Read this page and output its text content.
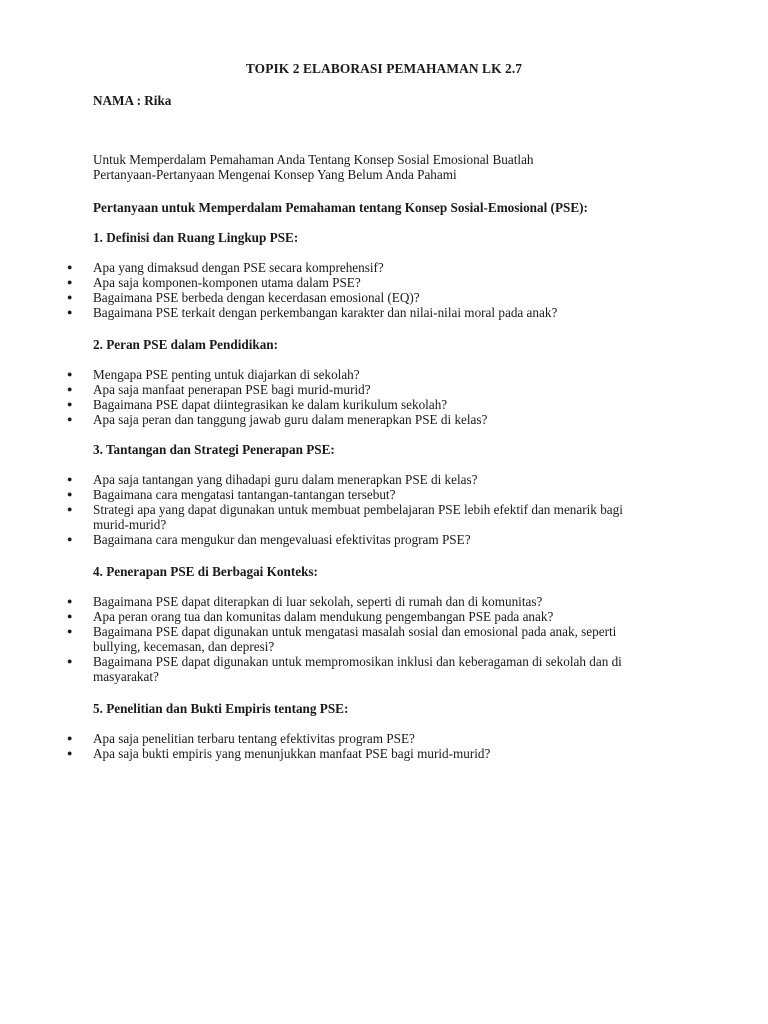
TOPIK 2 ELABORASI PEMAHAMAN LK 2.7
NAMA : Rika

Untuk Memperdalam Pemahaman Anda Tentang Konsep Sosial Emosional Buatlah

Pertanyaan-Pertanyaan Mengenai Konsep Yang Belum Anda Pahami

Pertanyaan untuk Memperdalam Pemahaman tentang Konsep Sosial-Emosional (PSE):
1. Definisi dan Ruang Lingkup PSE:
● Apa yang dimaksud dengan PSE secara komprehensif?
● Apa saja komponen-komponen utama dalam PSE?
● Bagaimana PSE berbeda dengan kecerdasan emosional (EQ)?
● Bagaimana PSE terkait dengan perkembangan karakter dan nilai-nilai moral pada anak?
2. Peran PSE dalam Pendidikan:
● Mengapa PSE penting untuk diajarkan di sekolah?
● Apa saja manfaat penerapan PSE bagi murid-murid?
● Bagaimana PSE dapat diintegrasikan ke dalam kurikulum sekolah?
● Apa saja peran dan tanggung jawab guru dalam menerapkan PSE di kelas?
3. Tantangan dan Strategi Penerapan PSE:
● Apa saja tantangan yang dihadapi guru dalam menerapkan PSE di kelas?
● Bagaimana cara mengatasi tantangan-tantangan tersebut?
● Strategi apa yang dapat digunakan untuk membuat pembelajaran PSE lebih efektif dan menarik bagi murid-murid?
● Bagaimana cara mengukur dan mengevaluasi efektivitas program PSE?
4. Penerapan PSE di Berbagai Konteks:
● Bagaimana PSE dapat diterapkan di luar sekolah, seperti di rumah dan di komunitas?
● Apa peran orang tua dan komunitas dalam mendukung pengembangan PSE pada anak?
● Bagaimana PSE dapat digunakan untuk mengatasi masalah sosial dan emosional pada anak, seperti bullying, kecemasan, dan depresi?
● Bagaimana PSE dapat digunakan untuk mempromosikan inklusi dan keberagaman di sekolah dan di masyarakat?
5. Penelitian dan Bukti Empiris tentang PSE:
● Apa saja penelitian terbaru tentang efektivitas program PSE?
● Apa saja bukti empiris yang menunjukkan manfaat PSE bagi murid-murid?
